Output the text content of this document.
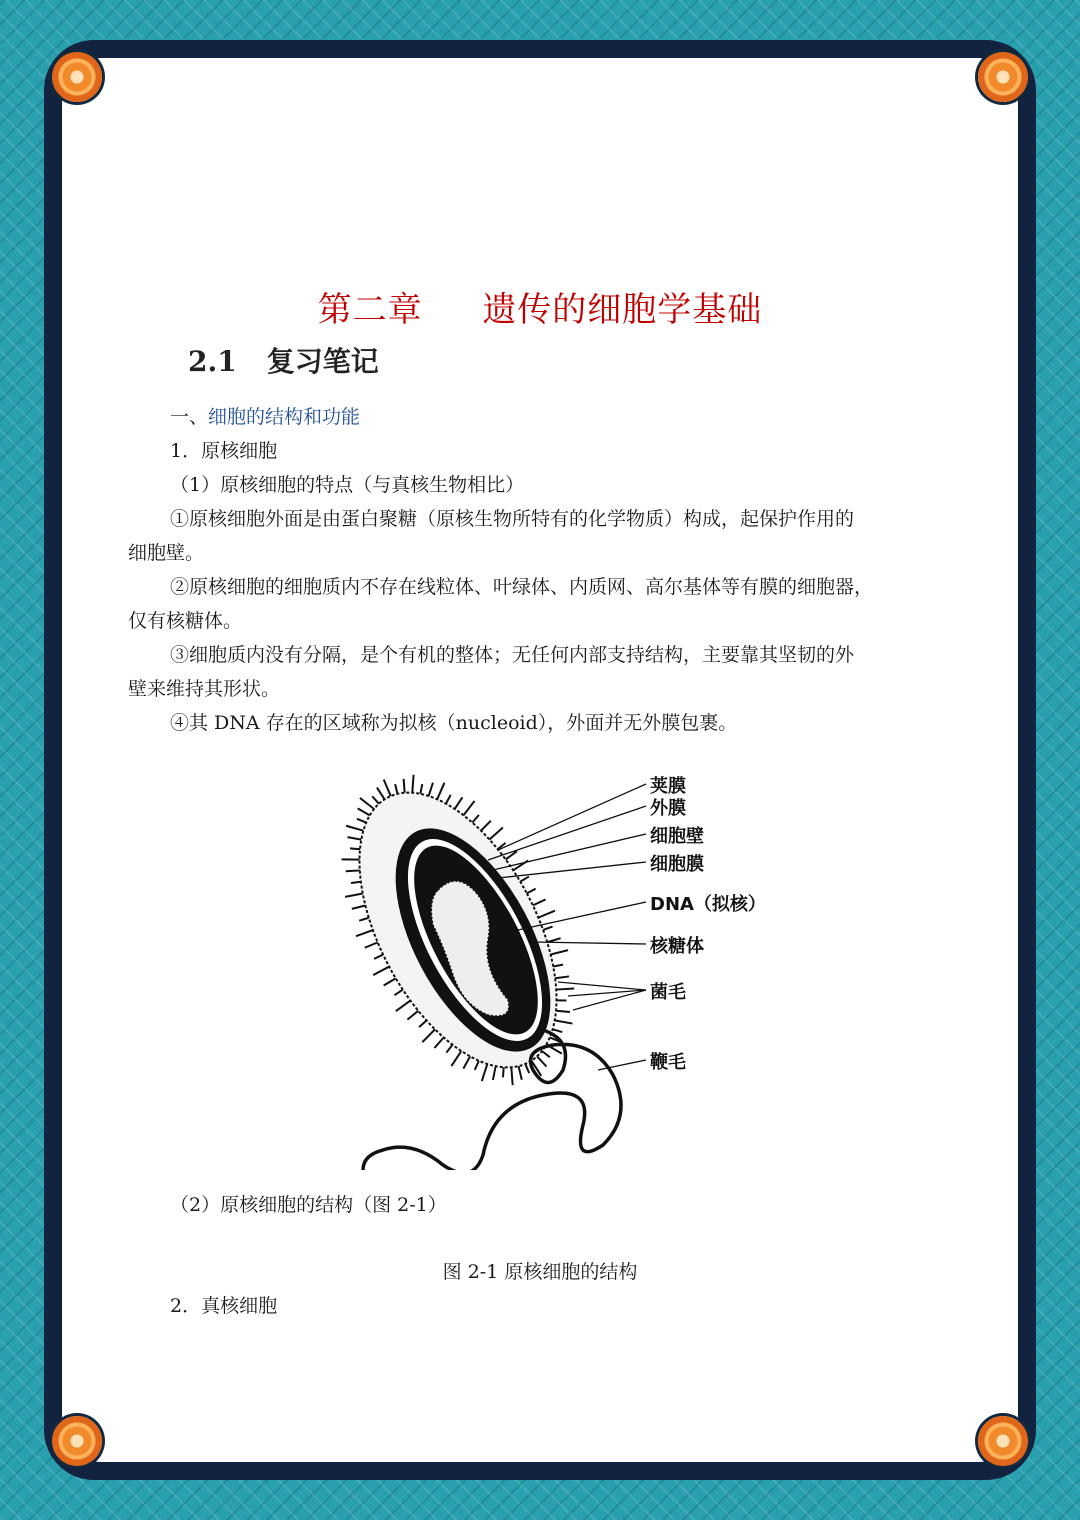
第二章 遗传的细胞学基础
2.1 复习笔记
一、细胞的结构和功能
1．原核细胞
（1）原核细胞的特点（与真核生物相比）
①原核细胞外面是由蛋白聚糖（原核生物所特有的化学物质）构成，起保护作用的
细胞壁。
②原核细胞的细胞质内不存在线粒体、叶绿体、内质网、高尔基体等有膜的细胞器，
仅有核糖体。
③细胞质内没有分隔，是个有机的整体；无任何内部支持结构，主要靠其坚韧的外
壁来维持其形状。
④其 DNA 存在的区域称为拟核（nucleoid），外面并无外膜包裹。
荚膜
外膜
细胞壁
细胞膜
DNA（拟核）
核糖体
菌毛
鞭毛
（2）原核细胞的结构（图 2-1）
图 2-1 原核细胞的结构
2．真核细胞
